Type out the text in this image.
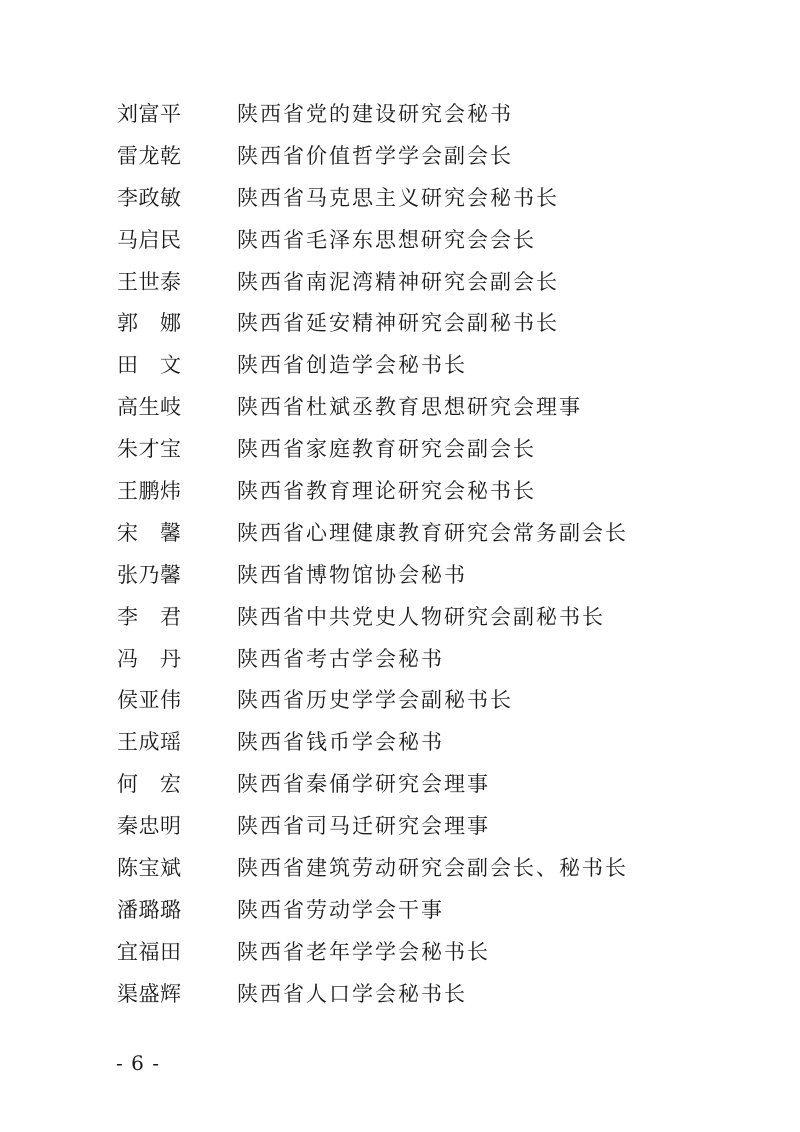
刘富平	陕西省党的建设研究会秘书
雷龙乾	陕西省价值哲学学会副会长
李政敏	陕西省马克思主义研究会秘书长
马启民	陕西省毛泽东思想研究会会长
王世泰	陕西省南泥湾精神研究会副会长
郭　娜	陕西省延安精神研究会副秘书长
田　文	陕西省创造学会秘书长
高生岐	陕西省杜斌丞教育思想研究会理事
朱才宝	陕西省家庭教育研究会副会长
王鹏炜	陕西省教育理论研究会秘书长
宋　馨	陕西省心理健康教育研究会常务副会长
张乃馨	陕西省博物馆协会秘书
李　君	陕西省中共党史人物研究会副秘书长
冯　丹	陕西省考古学会秘书
侯亚伟	陕西省历史学学会副秘书长
王成瑶	陕西省钱币学会秘书
何　宏	陕西省秦俑学研究会理事
秦忠明	陕西省司马迁研究会理事
陈宝斌	陕西省建筑劳动研究会副会长、秘书长
潘璐璐	陕西省劳动学会干事
宜福田	陕西省老年学学会秘书长
渠盛辉	陕西省人口学会秘书长
- 6 -
